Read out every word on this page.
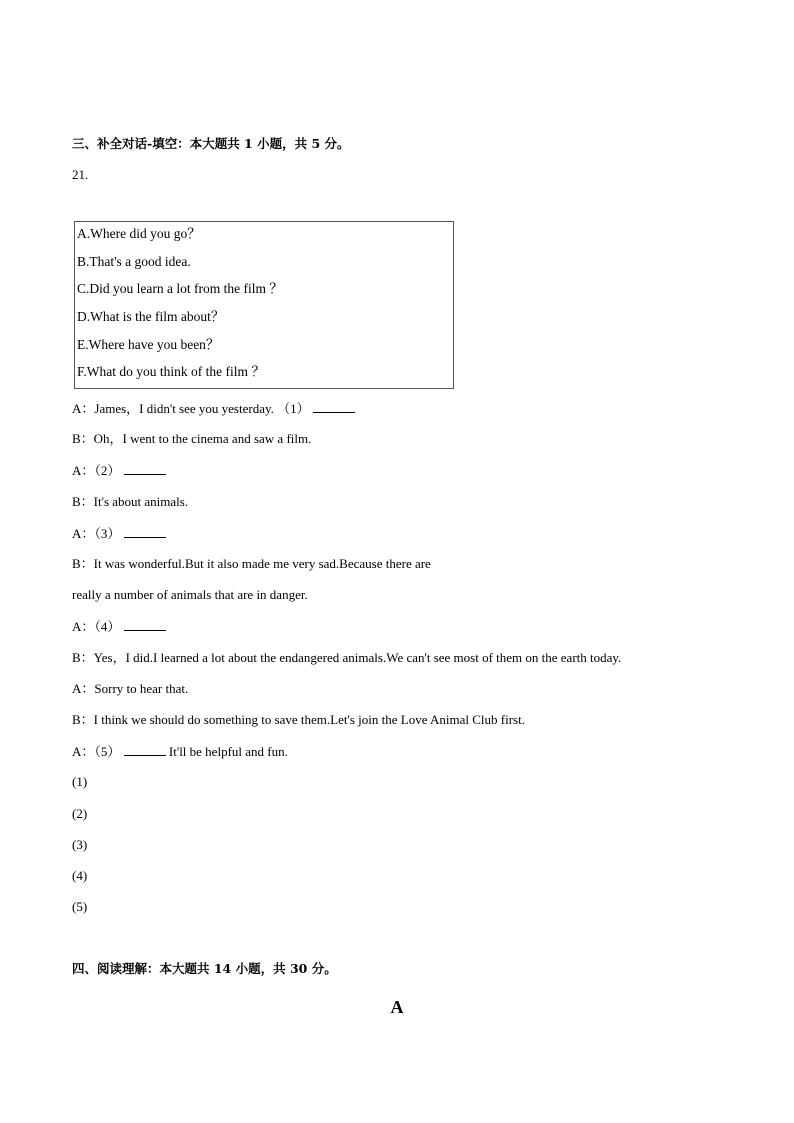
三、补全对话-填空：本大题共 1 小题，共 5 分。
21.
A.Where did you go？
B.That's a good idea.
C.Did you learn a lot from the film ？
D.What is the film about？
E.Where have you been？
F.What do you think of the film ？
A：James，I didn't see you yesterday. （1）
B：Oh，I went to the cinema and saw a film.
A：（2）
B：It's about animals.
A：（3）
B：It was wonderful.But it also made me very sad.Because there are
really a number of animals that are in danger.
A：（4）
B：Yes，I did.I learned a lot about the endangered animals.We can't see most of them on the earth today.
A：Sorry to hear that.
B：I think we should do something to save them.Let's join the Love Animal Club first.
A：（5）	It'll be helpful and fun.
(1)
(2)
(3)
(4)
(5)
四、阅读理解：本大题共 14 小题，共 30 分。
A
